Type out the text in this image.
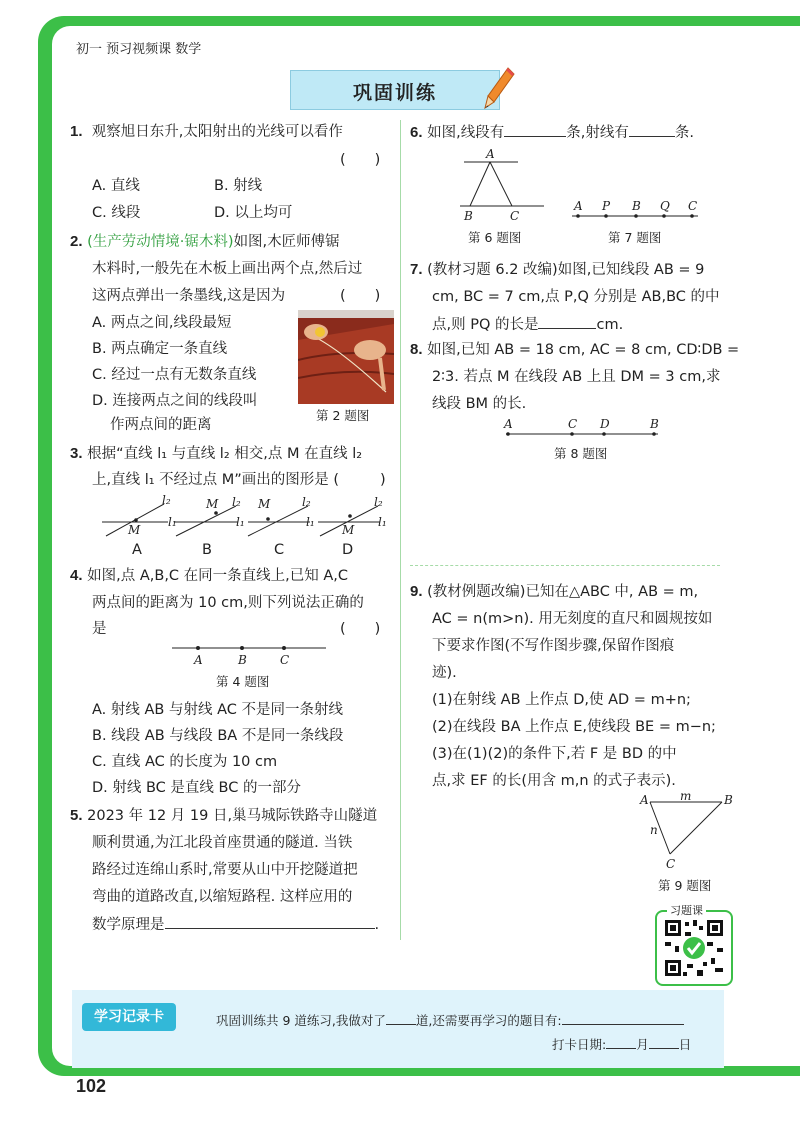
初一 预习视频课 数学
巩固训练
1. 观察旭日东升,太阳射出的光线可以看作
(　　)
A. 直线	B. 射线
C. 线段	D. 以上均可
2. (生产劳动情境·锯木料)如图,木匠师傅锯
木料时,一般先在木板上画出两个点,然后过
这两点弹出一条墨线,这是因为	(　　)
A. 两点之间,线段最短
B. 两点确定一条直线
C. 经过一点有无数条直线
D. 连接两点之间的线段叫
作两点间的距离
第 2 题图
3. 根据“直线 l₁ 与直线 l₂ 相交,点 M 在直线 l₂
上,直线 l₁ 不经过点 M”画出的图形是 (	)
l₂
l₁
M
l₂
l₁
M	l₂
l₁
M	l₂
l₁
M
A	B	C	D
4. 如图,点 A,B,C 在同一条直线上,已知 A,C
两点间的距离为 10 cm,则下列说法正确的
是	(　　)
A	B	C
第 4 题图
A. 射线 AB 与射线 AC 不是同一条射线
B. 线段 AB 与线段 BA 不是同一条线段
C. 直线 AC 的长度为 10 cm
D. 射线 BC 是直线 BC 的一部分
5. 2023 年 12 月 19 日,巢马城际铁路寺山隧道
顺利贯通,为江北段首座贯通的隧道. 当铁
路经过连绵山系时,常要从山中开挖隧道把
弯曲的道路改直,以缩短路程. 这样应用的
数学原理是	.
6. 如图,线段有	条,射线有	条.
A
B	C
第 6 题图
A P B Q C
第 7 题图
7. (教材习题 6.2 改编)如图,已知线段 AB = 9
cm, BC = 7 cm,点 P,Q 分别是 AB,BC 的中
点,则 PQ 的长是	cm.
8. 如图,已知 AB = 18 cm, AC = 8 cm, CD∶DB =
2∶3. 若点 M 在线段 AB 上且 DM = 3 cm,求
线段 BM 的长.
A	C D	B
第 8 题图
9. (教材例题改编)已知在△ABC 中, AB = m,
AC = n(m>n). 用无刻度的直尺和圆规按如
下要求作图(不写作图步骤,保留作图痕
迹).
(1)在射线 AB 上作点 D,使 AD = m+n;
(2)在线段 BA 上作点 E,使线段 BE = m−n;
(3)在(1)(2)的条件下,若 F 是 BD 的中
点,求 EF 的长(用含 m,n 的式子表示).
A	B
C
m
n
第 9 题图
习题课
学习记录卡	巩固训练共 9 道练习,我做对了 道,还需要再学习的题目有:
打卡日期: 月 日
102
